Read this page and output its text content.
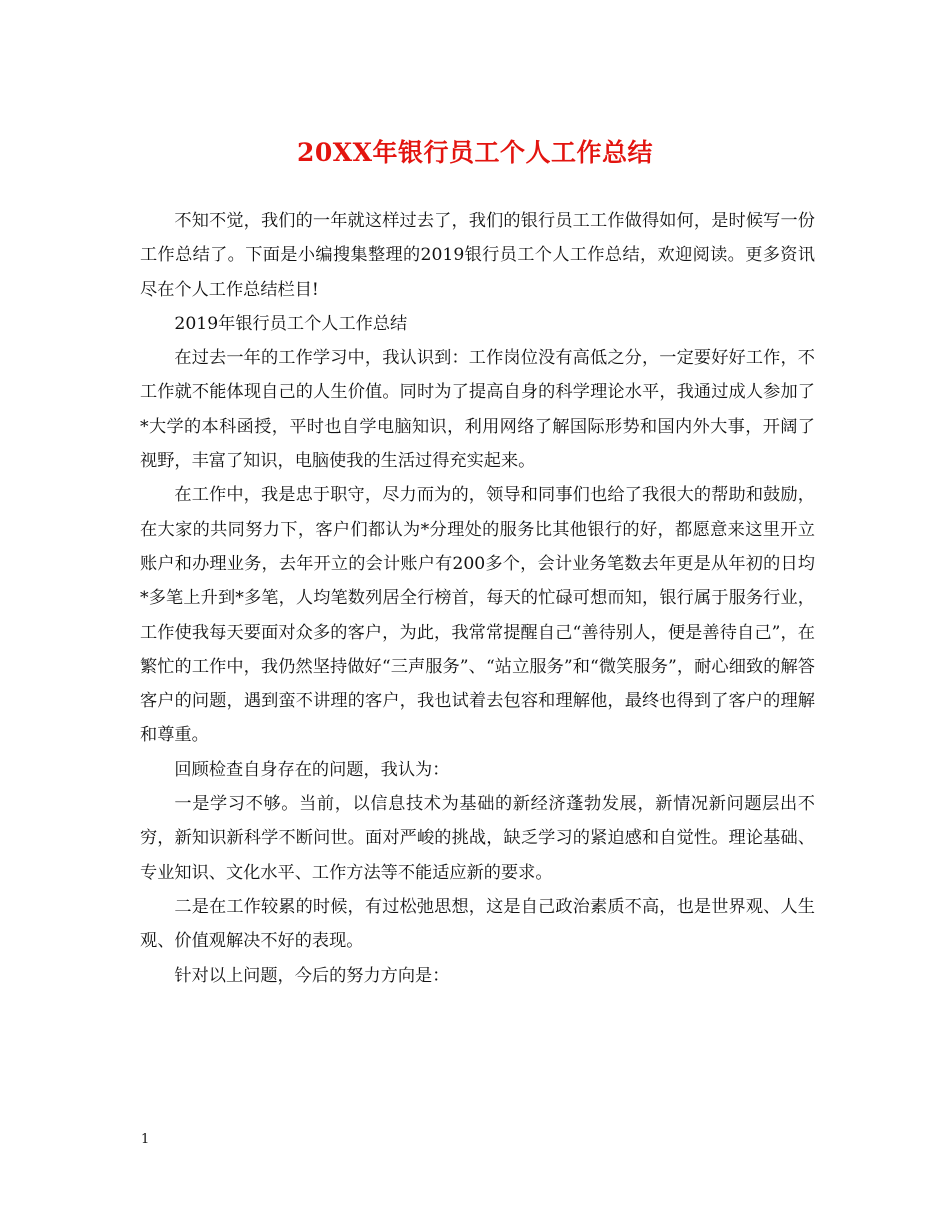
20XX年银行员工个人工作总结

不知不觉，我们的一年就这样过去了，我们的银行员工工作做得如何，是时候写一份工作总结了。下面是小编搜集整理的2019银行员工个人工作总结，欢迎阅读。更多资讯尽在个人工作总结栏目!

2019年银行员工个人工作总结

在过去一年的工作学习中，我认识到：工作岗位没有高低之分，一定要好好工作，不工作就不能体现自己的人生价值。同时为了提高自身的科学理论水平，我通过成人参加了*大学的本科函授，平时也自学电脑知识，利用网络了解国际形势和国内外大事，开阔了视野，丰富了知识，电脑使我的生活过得充实起来。

在工作中，我是忠于职守，尽力而为的，领导和同事们也给了我很大的帮助和鼓励，在大家的共同努力下，客户们都认为*分理处的服务比其他银行的好，都愿意来这里开立账户和办理业务，去年开立的会计账户有200多个，会计业务笔数去年更是从年初的日均*多笔上升到*多笔，人均笔数列居全行榜首，每天的忙碌可想而知，银行属于服务行业，工作使我每天要面对众多的客户，为此，我常常提醒自己“善待别人，便是善待自己”，在繁忙的工作中，我仍然坚持做好“三声服务”、“站立服务”和“微笑服务”，耐心细致的解答客户的问题，遇到蛮不讲理的客户，我也试着去包容和理解他，最终也得到了客户的理解和尊重。

回顾检查自身存在的问题，我认为：

一是学习不够。当前，以信息技术为基础的新经济蓬勃发展，新情况新问题层出不穷，新知识新科学不断问世。面对严峻的挑战，缺乏学习的紧迫感和自觉性。理论基础、专业知识、文化水平、工作方法等不能适应新的要求。

二是在工作较累的时候，有过松弛思想，这是自己政治素质不高，也是世界观、人生观、价值观解决不好的表现。

针对以上问题，今后的努力方向是：

1
